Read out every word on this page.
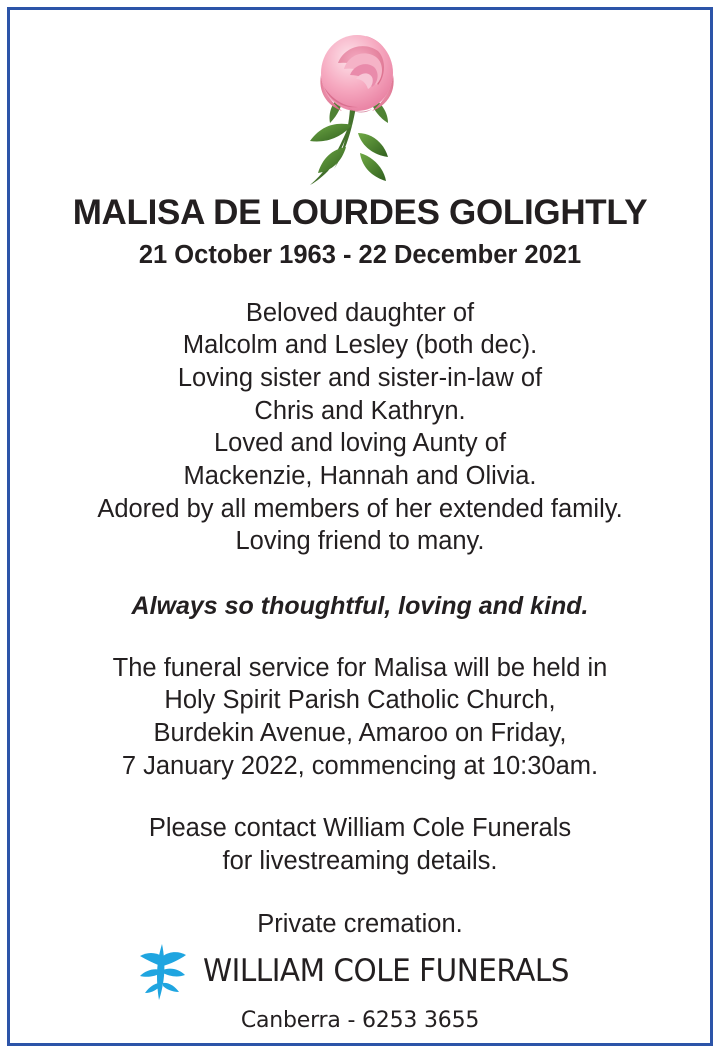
MALISA DE LOURDES GOLIGHTLY
21 October 1963 - 22 December 2021
Beloved daughter of
Malcolm and Lesley (both dec).
Loving sister and sister-in-law of
Chris and Kathryn.
Loved and loving Aunty of
Mackenzie, Hannah and Olivia.
Adored by all members of her extended family.
Loving friend to many.
Always so thoughtful, loving and kind.
The funeral service for Malisa will be held in
Holy Spirit Parish Catholic Church,
Burdekin Avenue, Amaroo on Friday,
7 January 2022, commencing at 10:30am.
Please contact William Cole Funerals
for livestreaming details.
Private cremation.
WILLIAM COLE FUNERALS
Canberra - 6253 3655
